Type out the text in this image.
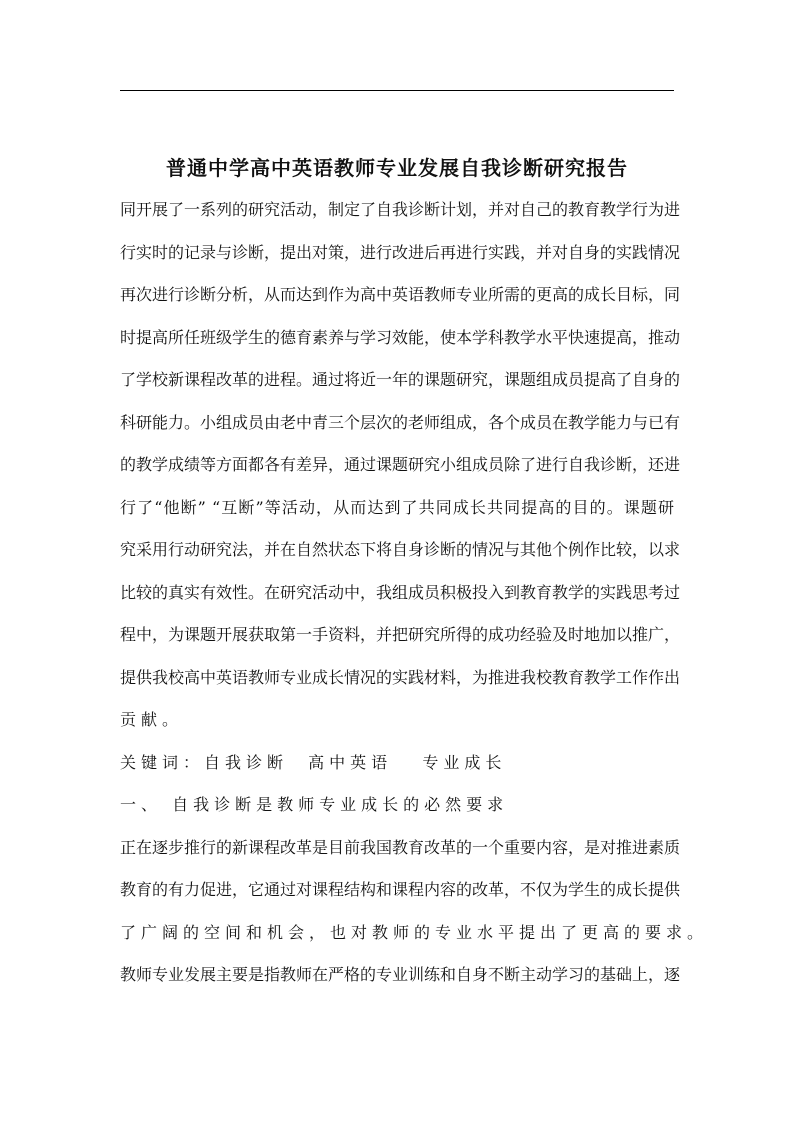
普通中学高中英语教师专业发展自我诊断研究报告
同开展了一系列的研究活动，制定了自我诊断计划，并对自己的教育教学行为进
行实时的记录与诊断，提出对策，进行改进后再进行实践，并对自身的实践情况
再次进行诊断分析，从而达到作为高中英语教师专业所需的更高的成长目标，同
时提高所任班级学生的德育素养与学习效能，使本学科教学水平快速提高，推动
了学校新课程改革的进程。通过将近一年的课题研究，课题组成员提高了自身的
科研能力。小组成员由老中青三个层次的老师组成，各个成员在教学能力与已有
的教学成绩等方面都各有差异，通过课题研究小组成员除了进行自我诊断，还进
行了“他断” “互断”等活动，从而达到了共同成长共同提高的目的。课题研
究采用行动研究法，并在自然状态下将自身诊断的情况与其他个例作比较，以求
比较的真实有效性。在研究活动中，我组成员积极投入到教育教学的实践思考过
程中，为课题开展获取第一手资料，并把研究所得的成功经验及时地加以推广，
提供我校高中英语教师专业成长情况的实践材料，为推进我校教育教学工作作出
贡献。
关键词：自我诊断  高中英语   专业成长
一、 自我诊断是教师专业成长的必然要求
正在逐步推行的新课程改革是目前我国教育改革的一个重要内容，是对推进素质
教育的有力促进，它通过对课程结构和课程内容的改革，不仅为学生的成长提供
了广阔的空间和机会，也对教师的专业水平提出了更高的要求。
教师专业发展主要是指教师在严格的专业训练和自身不断主动学习的基础上，逐
